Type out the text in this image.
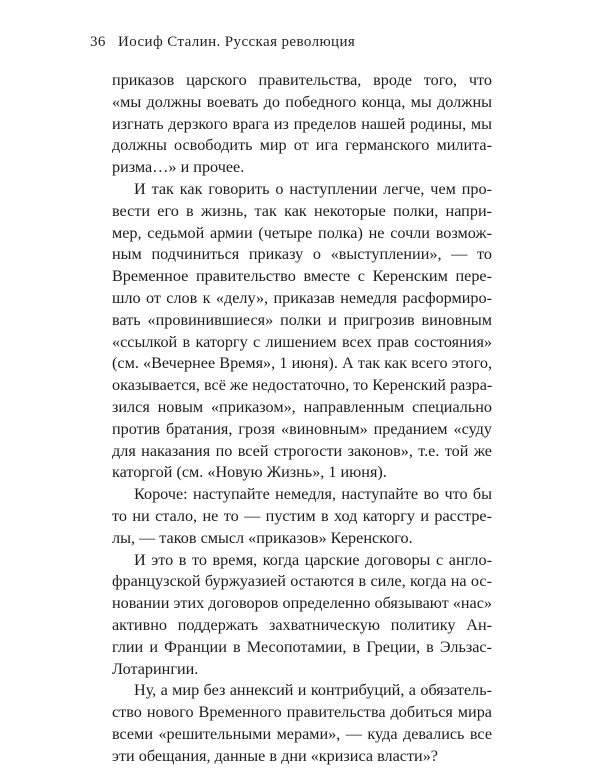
36 Иосиф Сталин. Русская революция

приказов царского правительства, вроде того, что
«мы должны воевать до победного конца, мы должны
изгнать дерзкого врага из пределов нашей родины, мы
должны освободить мир от ига германского милита-
ризма…» и прочее.

И так как говорить о наступлении легче, чем про-
вести его в жизнь, так как некоторые полки, напри-
мер, седьмой армии (четыре полка) не сочли возмож-
ным подчиниться приказу о «выступлении», — то
Временное правительство вместе с Керенским пере-
шло от слов к «делу», приказав немедля расформиро-
вать «провинившиеся» полки и пригрозив виновным
«ссылкой в каторгу с лишением всех прав состояния»
(см. «Вечернее Время», 1 июня). А так как всего этого,
оказывается, всё же недостаточно, то Керенский разра-
зился новым «приказом», направленным специально
против братания, грозя «виновным» преданием «суду
для наказания по всей строгости законов», т.е. той же
каторгой (см. «Новую Жизнь», 1 июня).

Короче: наступайте немедля, наступайте во что бы
то ни стало, не то — пустим в ход каторгу и расстре-
лы, — таков смысл «приказов» Керенского.

И это в то время, когда царские договоры с англо-
французской буржуазией остаются в силе, когда на ос-
новании этих договоров определенно обязывают «нас»
активно поддержать захватническую политику Ан-
глии и Франции в Месопотамии, в Греции, в Эльзас-
Лотарингии.

Ну, а мир без аннексий и контрибуций, а обязатель-
ство нового Временного правительства добиться мира
всеми «решительными мерами», — куда девались все
эти обещания, данные в дни «кризиса власти»?
